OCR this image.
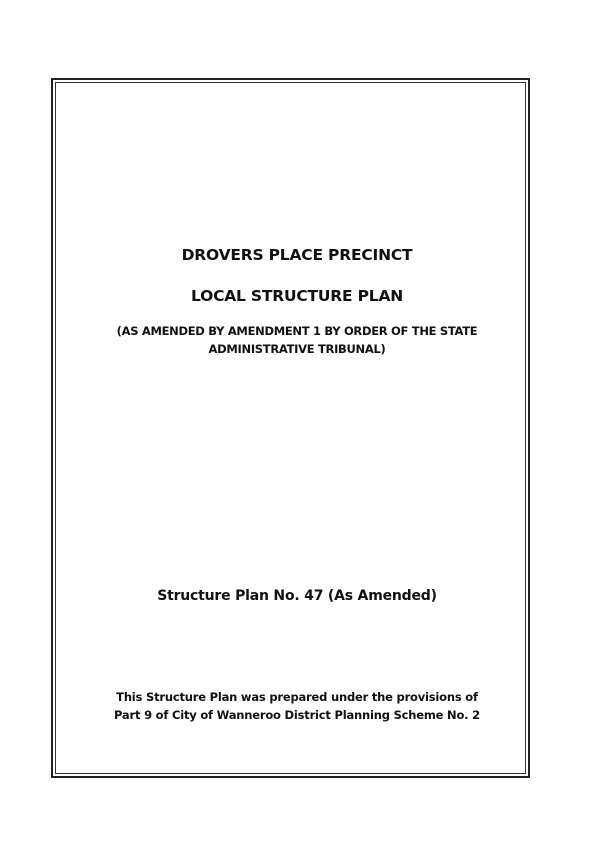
DROVERS PLACE PRECINCT
LOCAL STRUCTURE PLAN
(AS AMENDED BY AMENDMENT 1 BY ORDER OF THE STATE
ADMINISTRATIVE TRIBUNAL)
Structure Plan No. 47 (As Amended)
This Structure Plan was prepared under the provisions of
Part 9 of City of Wanneroo District Planning Scheme No. 2
